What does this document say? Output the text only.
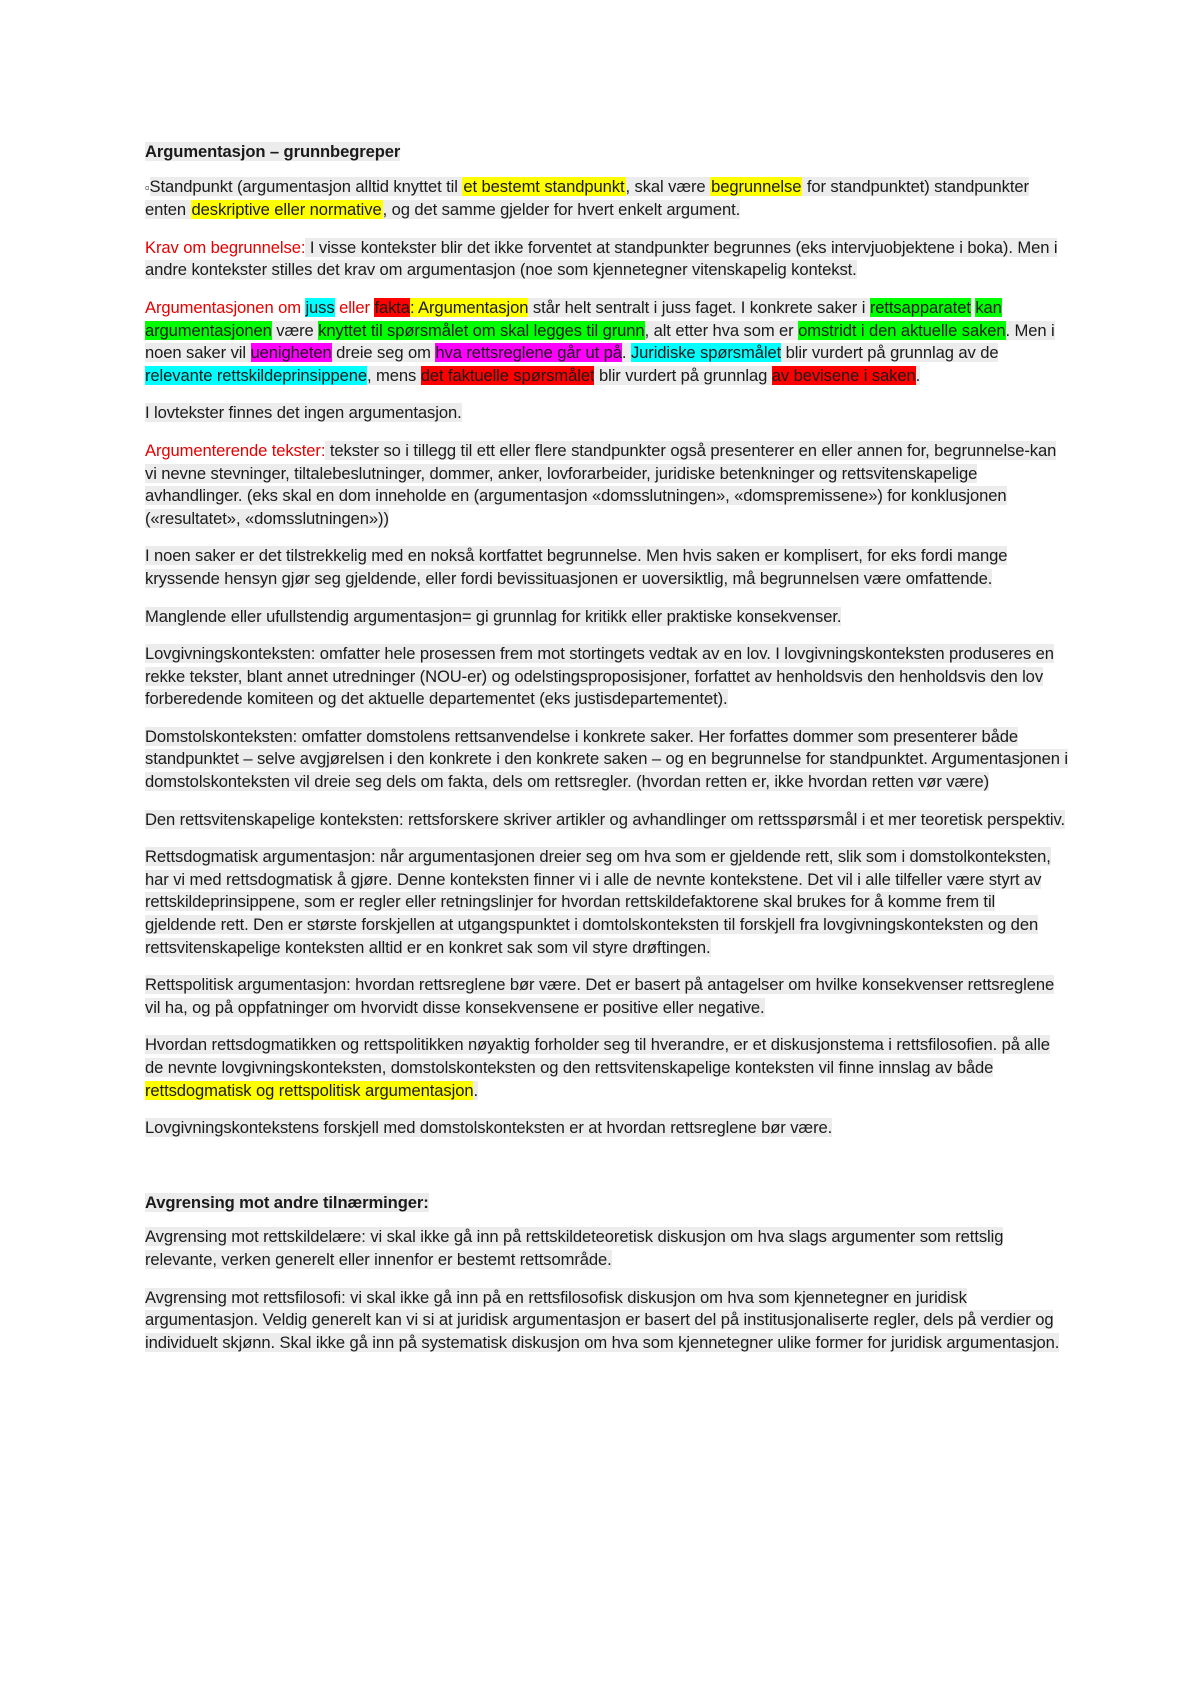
Argumentasjon – grunnbegreper

▫Standpunkt (argumentasjon alltid knyttet til et bestemt standpunkt, skal være begrunnelse for standpunktet) standpunkter enten deskriptive eller normative, og det samme gjelder for hvert enkelt argument.

Krav om begrunnelse: I visse kontekster blir det ikke forventet at standpunkter begrunnes (eks intervjuobjektene i boka). Men i andre kontekster stilles det krav om argumentasjon (noe som kjennetegner vitenskapelig kontekst.

Argumentasjonen om juss eller fakta: Argumentasjon står helt sentralt i juss faget. I konkrete saker i rettsapparatet kan argumentasjonen være knyttet til spørsmålet om skal legges til grunn, alt etter hva som er omstridt i den aktuelle saken. Men i noen saker vil uenigheten dreie seg om hva rettsreglene går ut på. Juridiske spørsmålet blir vurdert på grunnlag av de relevante rettskildeprinsippene, mens det faktuelle spørsmålet blir vurdert på grunnlag av bevisene i saken.

I lovtekster finnes det ingen argumentasjon.

Argumenterende tekster: tekster so i tillegg til ett eller flere standpunkter også presenterer en eller annen for, begrunnelse-kan vi nevne stevninger, tiltalebeslutninger, dommer, anker, lovforarbeider, juridiske betenkninger og rettsvitenskapelige avhandlinger. (eks skal en dom inneholde en (argumentasjon «domsslutningen», «domspremissene») for konklusjonen («resultatet», «domsslutningen»))

I noen saker er det tilstrekkelig med en nokså kortfattet begrunnelse. Men hvis saken er komplisert, for eks fordi mange kryssende hensyn gjør seg gjeldende, eller fordi bevissituasjonen er uoversiktlig, må begrunnelsen være omfattende.

Manglende eller ufullstendig argumentasjon= gi grunnlag for kritikk eller praktiske konsekvenser.

Lovgivningskonteksten: omfatter hele prosessen frem mot stortingets vedtak av en lov. I lovgivningskonteksten produseres en rekke tekster, blant annet utredninger (NOU-er) og odelstingsproposisjoner, forfattet av henholdsvis den henholdsvis den lov forberedende komiteen og det aktuelle departementet (eks justisdepartementet).

Domstolskonteksten: omfatter domstolens rettsanvendelse i konkrete saker. Her forfattes dommer som presenterer både standpunktet – selve avgjørelsen i den konkrete i den konkrete saken – og en begrunnelse for standpunktet. Argumentasjonen i domstolskonteksten vil dreie seg dels om fakta, dels om rettsregler. (hvordan retten er, ikke hvordan retten vør være)

Den rettsvitenskapelige konteksten: rettsforskere skriver artikler og avhandlinger om rettsspørsmål i et mer teoretisk perspektiv.

Rettsdogmatisk argumentasjon: når argumentasjonen dreier seg om hva som er gjeldende rett, slik som i domstolkonteksten, har vi med rettsdogmatisk å gjøre. Denne konteksten finner vi i alle de nevnte kontekstene. Det vil i alle tilfeller være styrt av rettskildeprinsippene, som er regler eller retningslinjer for hvordan rettskildefaktorene skal brukes for å komme frem til gjeldende rett. Den er største forskjellen at utgangspunktet i domtolskonteksten til forskjell fra lovgivningskonteksten og den rettsvitenskapelige konteksten alltid er en konkret sak som vil styre drøftingen.

Rettspolitisk argumentasjon: hvordan rettsreglene bør være. Det er basert på antagelser om hvilke konsekvenser rettsreglene vil ha, og på oppfatninger om hvorvidt disse konsekvensene er positive eller negative.

Hvordan rettsdogmatikken og rettspolitikken nøyaktig forholder seg til hverandre, er et diskusjonstema i rettsfilosofien. på alle de nevnte lovgivningskonteksten, domstolskonteksten og den rettsvitenskapelige konteksten vil finne innslag av både rettsdogmatisk og rettspolitisk argumentasjon.

Lovgivningskontekstens forskjell med domstolskonteksten er at hvordan rettsreglene bør være.

Avgrensing mot andre tilnærminger:

Avgrensing mot rettskildelære: vi skal ikke gå inn på rettskildeteoretisk diskusjon om hva slags argumenter som rettslig relevante, verken generelt eller innenfor er bestemt rettsområde.

Avgrensing mot rettsfilosofi: vi skal ikke gå inn på en rettsfilosofisk diskusjon om hva som kjennetegner en juridisk argumentasjon. Veldig generelt kan vi si at juridisk argumentasjon er basert del på institusjonaliserte regler, dels på verdier og individuelt skjønn. Skal ikke gå inn på systematisk diskusjon om hva som kjennetegner ulike former for juridisk argumentasjon.
